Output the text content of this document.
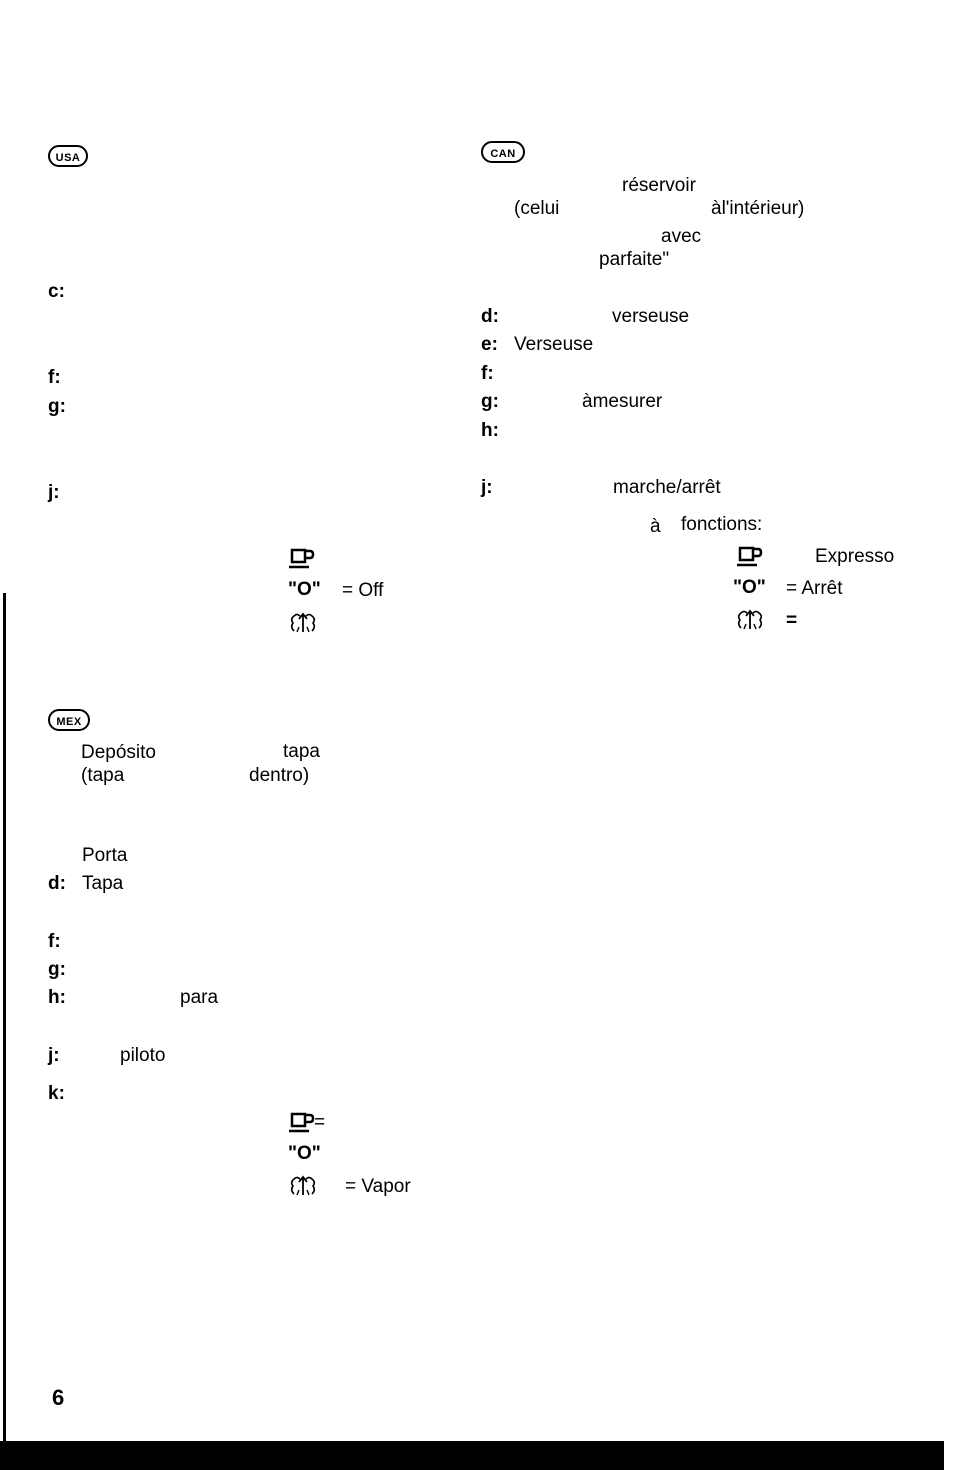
USA
c:
f:
g:
j:
"O" = Off
CAN
réservoir
(celui	àl'intérieur)
avec
parfaite"
d:	verseuse
e: Verseuse
f:
g:	àmesurer
h:
j:	marche/arrêt
à fonctions:
Expresso
"O" = Arrêt
=
MEX
Depósito	tapa
(tapa	dentro)
Porta
d: Tapa
f:
g:
h:	para
j:	piloto
k:
=
"O"
= Vapor
6
